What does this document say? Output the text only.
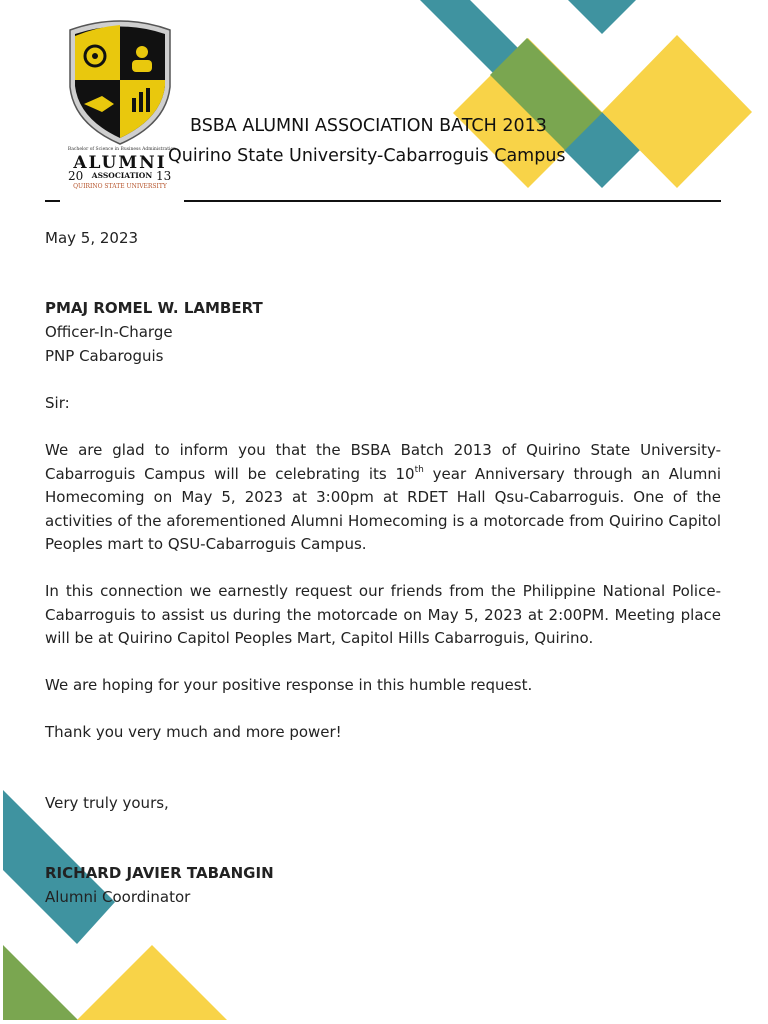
Bachelor of Science in Business Administration
ALUMNI
20 ASSOCIATION 13
QUIRINO STATE UNIVERSITY
BSBA ALUMNI ASSOCIATION BATCH 2013
Quirino State University-Cabarroguis Campus
May 5, 2023
PMAJ ROMEL W. LAMBERT
Officer-In-Charge
PNP Cabaroguis
Sir:
We are glad to inform you that the BSBA Batch 2013 of Quirino State University-Cabarroguis Campus will be celebrating its 10th year Anniversary through an Alumni Homecoming on May 5, 2023 at 3:00pm at RDET Hall Qsu-Cabarroguis. One of the activities of the aforementioned Alumni Homecoming is a motorcade from Quirino Capitol Peoples mart to QSU-Cabarroguis Campus.
In this connection we earnestly request our friends from the Philippine National Police-Cabarroguis to assist us during the motorcade on May 5, 2023 at 2:00PM. Meeting place will be at Quirino Capitol Peoples Mart, Capitol Hills Cabarroguis, Quirino.
We are hoping for your positive response in this humble request.
Thank you very much and more power!
Very truly yours,
RICHARD JAVIER TABANGIN
Alumni Coordinator
